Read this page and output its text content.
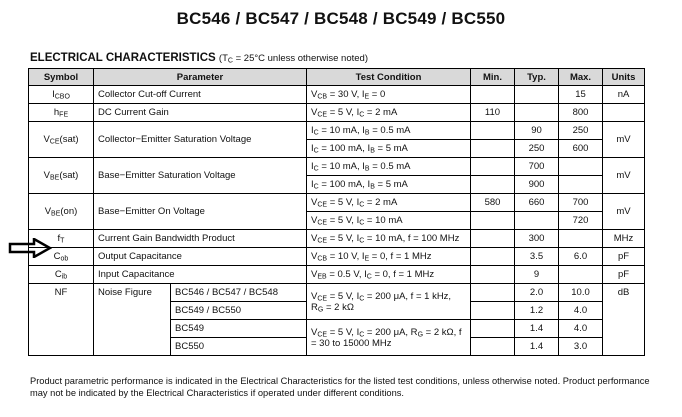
BC546 / BC547 / BC548 / BC549 / BC550
ELECTRICAL CHARACTERISTICS ($T_C = 25^\circ C$ unless otherwise noted)
Symbol	Parameter		Test Condition	Min.	Typ.	Max.	Units
$I_{CBO}$	Collector Cut-off Current		$V_{CB} = 30$ V, $I_E = 0$			15	nA
$h_{FE}$	DC Current Gain		$V_{CE} = 5$ V, $I_C = 2$ mA	110		800	
$V_{CE}(sat)$	Collector−Emitter Saturation Voltage		$I_C = 10$ mA, $I_B = 0.5$ mA		90	250	mV
			$I_C = 100$ mA, $I_B = 5$ mA		250	600	
$V_{BE}(sat)$	Base−Emitter Saturation Voltage		$I_C = 10$ mA, $I_B = 0.5$ mA		700		mV
			$I_C = 100$ mA, $I_B = 5$ mA		900		
$V_{BE}(on)$	Base−Emitter On Voltage		$V_{CE} = 5$ V, $I_C = 2$ mA	580	660	700	mV
			$V_{CE} = 5$ V, $I_C = 10$ mA			720	
$f_T$	Current Gain Bandwidth Product		$V_{CE} = 5$ V, $I_C = 10$ mA, f = 100 MHz		300		MHz
$C_{ob}$	Output Capacitance		$V_{CB} = 10$ V, $I_E = 0$, f = 1 MHz		3.5	6.0	pF
$C_{ib}$	Input Capacitance		$V_{EB} = 0.5$ V, $I_C = 0$, f = 1 MHz		9		pF
NF	Noise Figure	BC546 / BC547 / BC548	$V_{CE} = 5$ V, $I_C = 200$ μA, f = 1 kHz, $R_G = 2$ kΩ		2.0	10.0	dB
		BC549 / BC550			1.2	4.0	
		BC549	$V_{CE} = 5$ V, $I_C = 200$ μA, $R_G = 2$ kΩ, f = 30 to 15000 MHz		1.4	4.0	
		BC550			1.4	3.0	
Product parametric performance is indicated in the Electrical Characteristics for the listed test conditions, unless otherwise noted. Product performance may not be indicated by the Electrical Characteristics if operated under different conditions.
